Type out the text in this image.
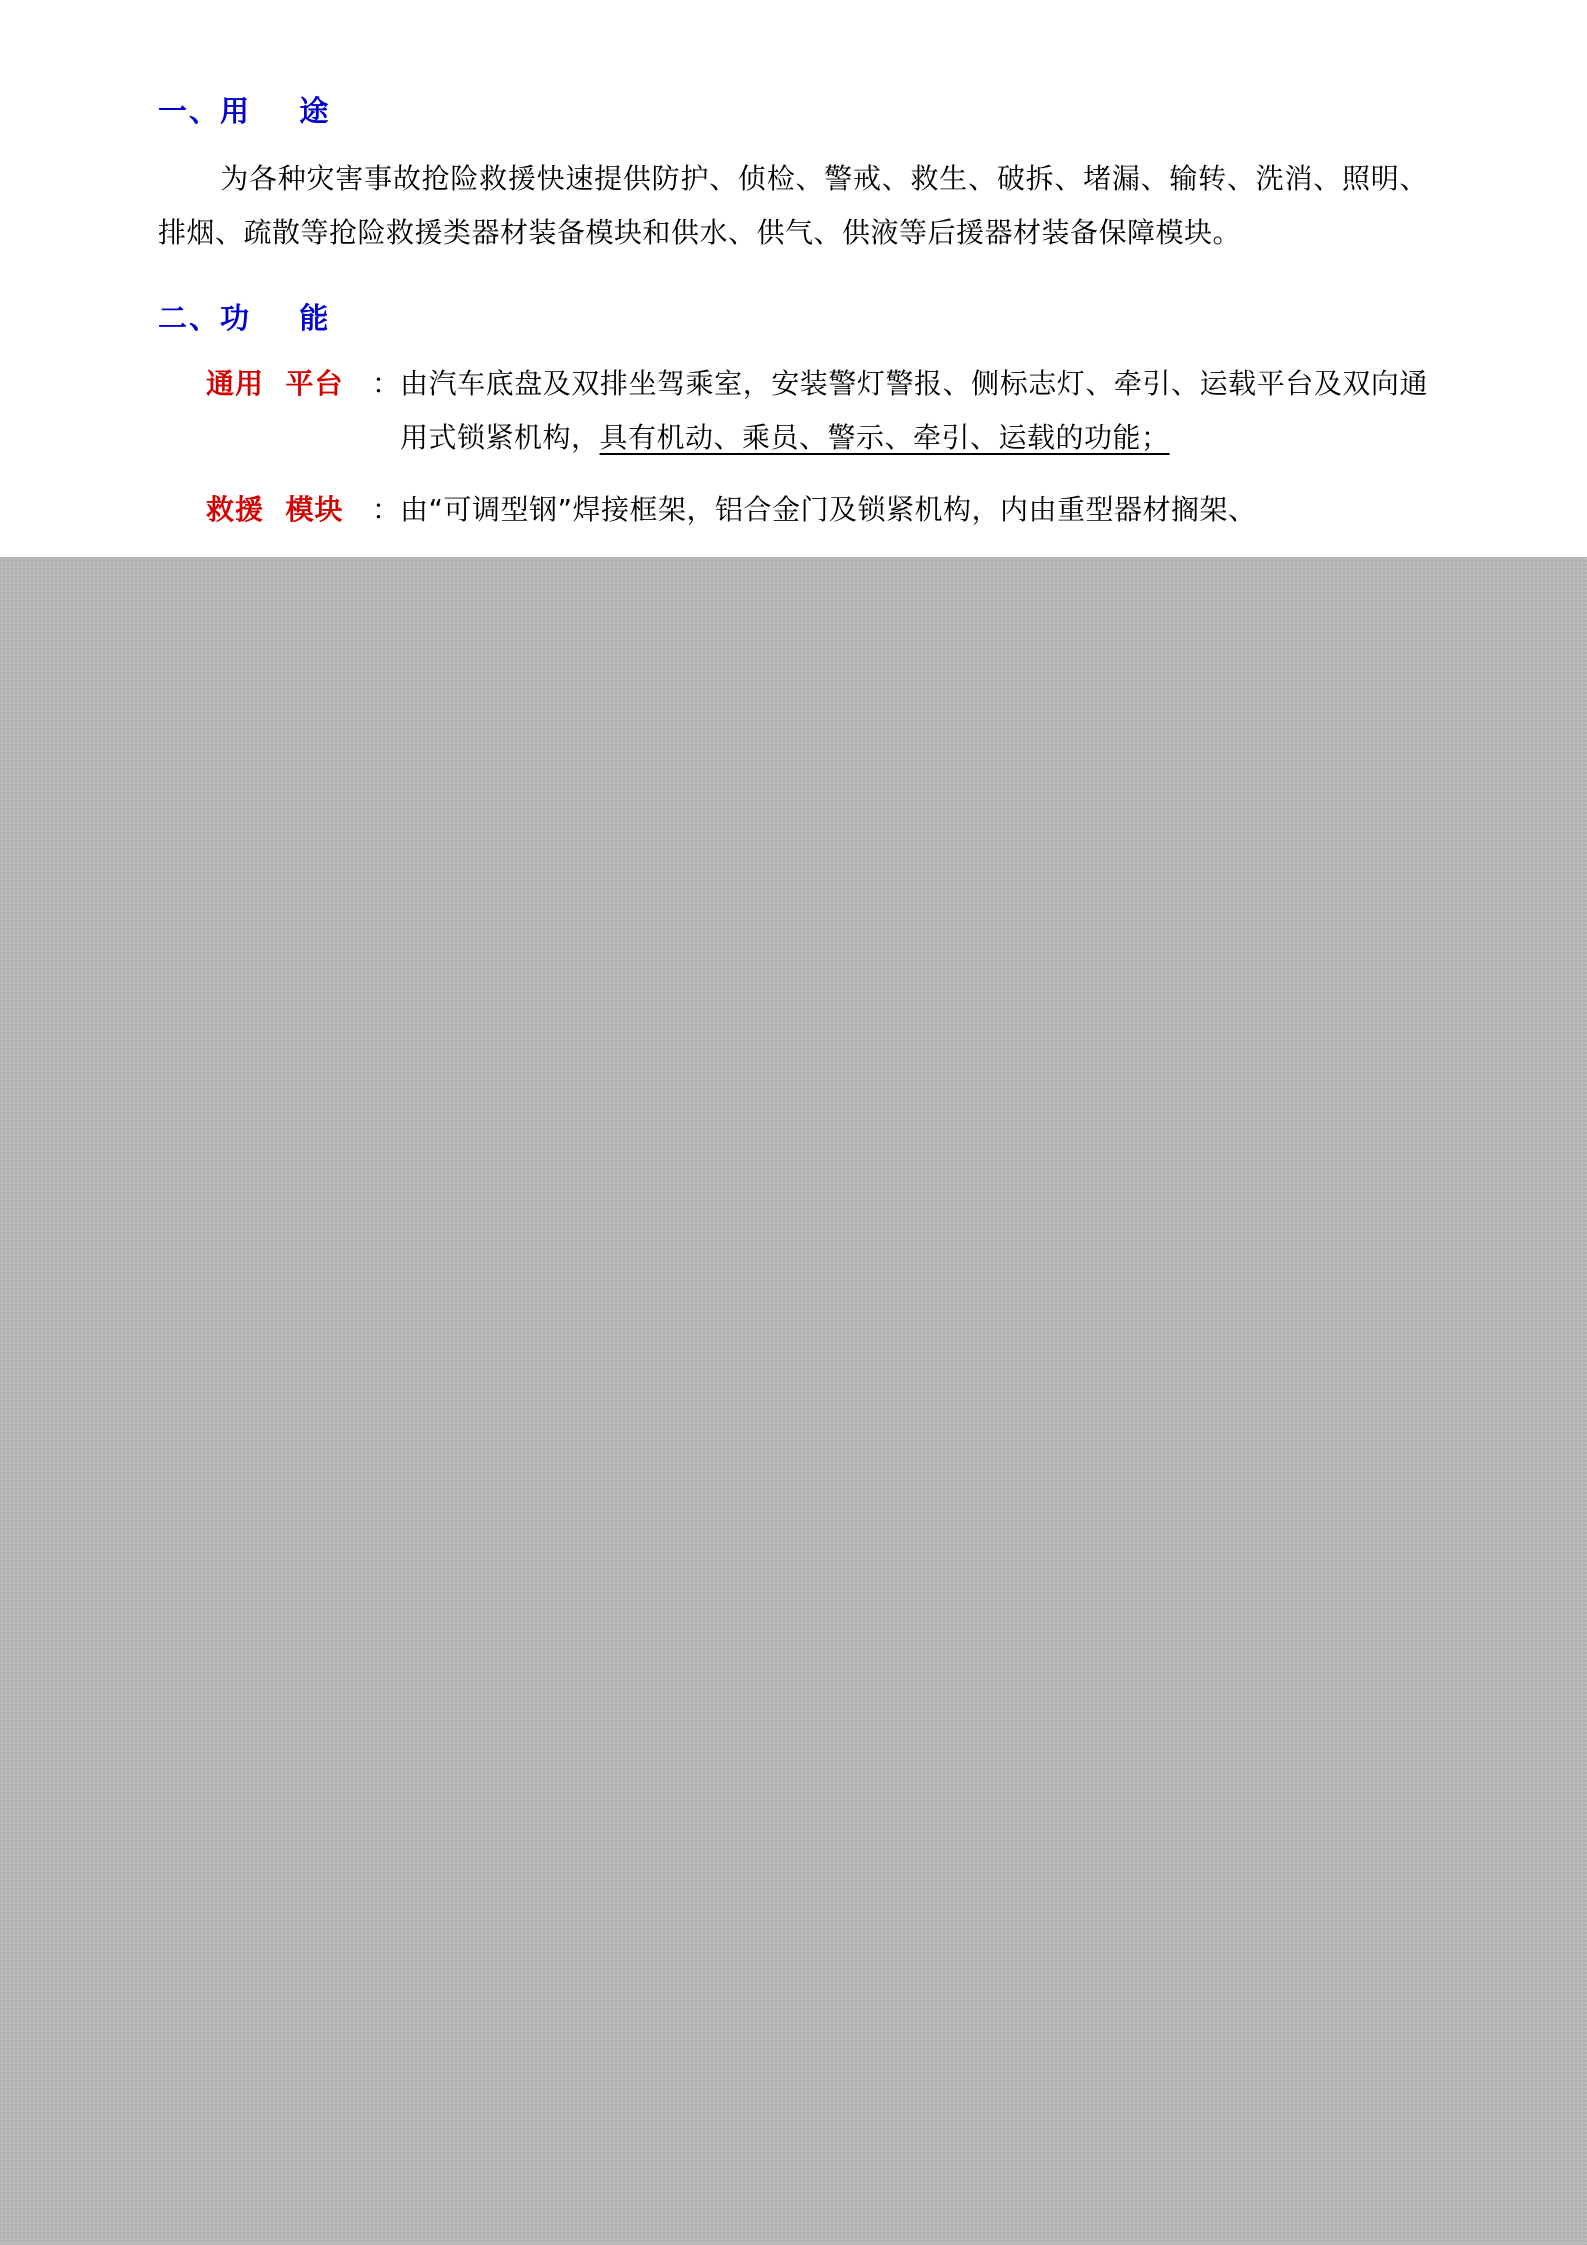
一、用    途

为各种灾害事故抢险救援快速提供防护、侦检、警戒、救生、破拆、堵漏、输转、洗消、照明、排烟、疏散等抢险救援类器材装备模块和供水、供气、供液等后援器材装备保障模块。

二、功    能
通用  平台	： 由汽车底盘及双排坐驾乘室，安装警灯警报、侧标志灯、牵引、运载平台及双向通用式锁紧机构，具有机动、乘员、警示、牵引、运载的功能；
救援  模块	： 由“可调型钢”焊接框架，铝合金门及锁紧机构，内由重型器材搁架、
